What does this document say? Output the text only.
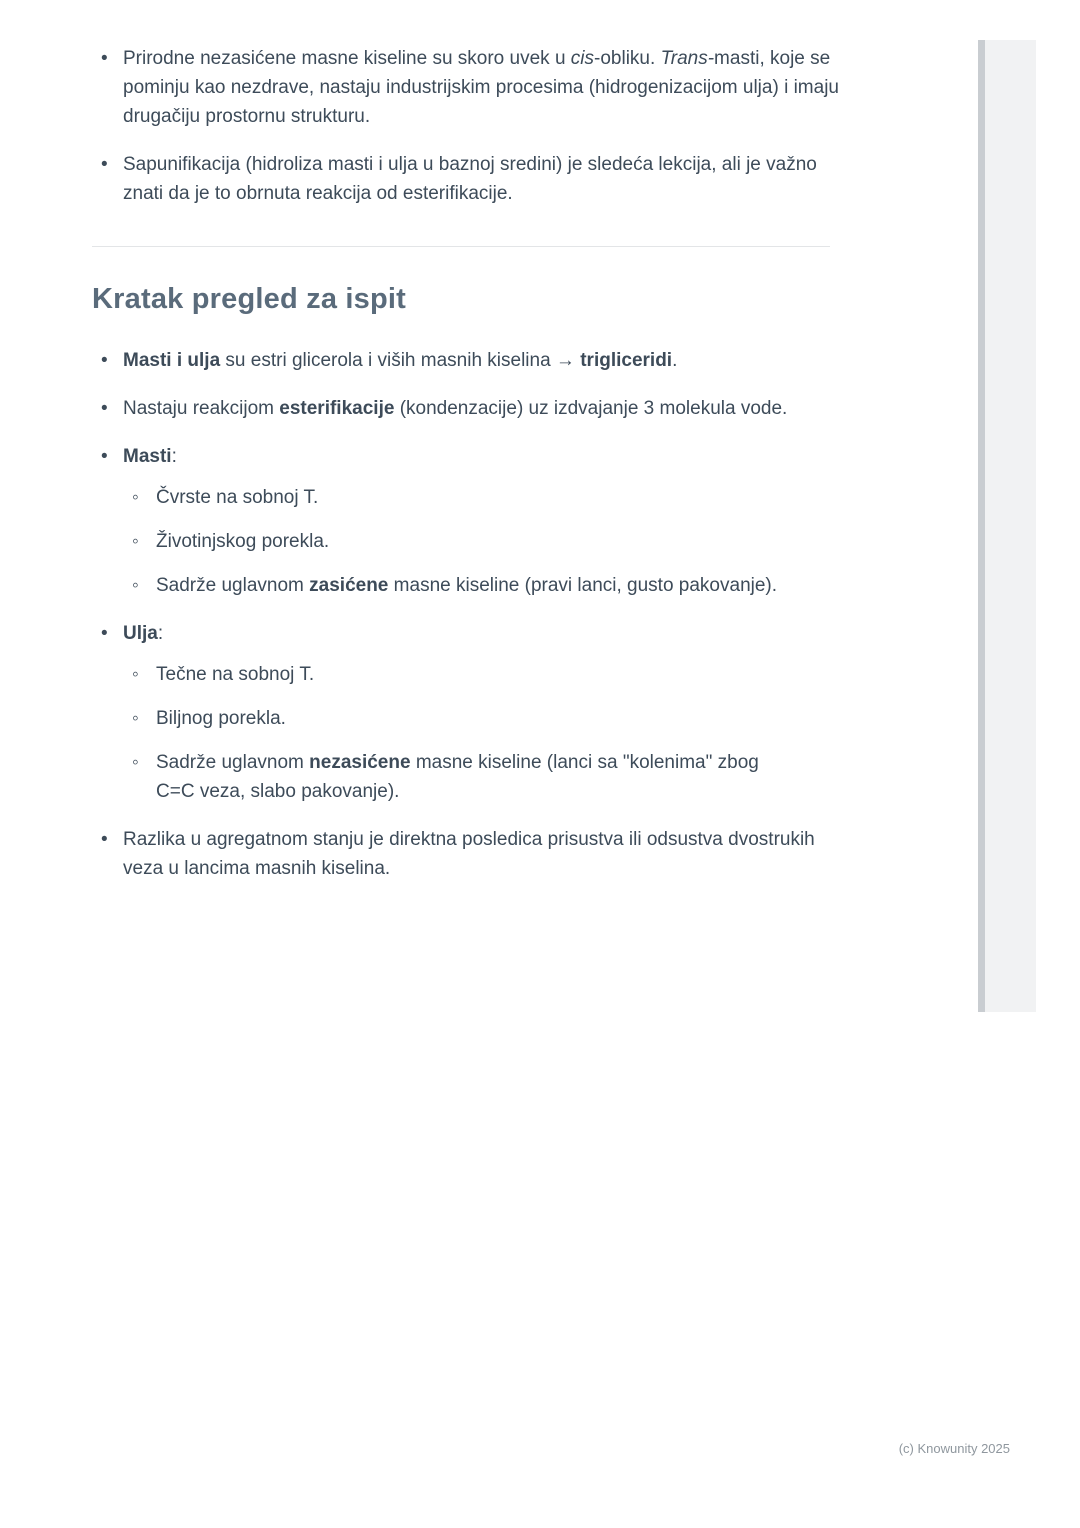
• Prirodne nezasićene masne kiseline su skoro uvek u cis-obliku. Trans-masti, koje se pominju kao nezdrave, nastaju industrijskim procesima (hidrogenizacijom ulja) i imaju drugačiju prostornu strukturu.
• Sapunifikacija (hidroliza masti i ulja u baznoj sredini) je sledeća lekcija, ali je važno znati da je to obrnuta reakcija od esterifikacije.
Kratak pregled za ispit
• Masti i ulja su estri glicerola i viših masnih kiselina → trigliceridi.
• Nastaju reakcijom esterifikacije (kondenzacije) uz izdvajanje 3 molekula vode.
• Masti:
◦ Čvrste na sobnoj T.
◦ Životinjskog porekla.
◦ Sadrže uglavnom zasićene masne kiseline (pravi lanci, gusto pakovanje).
• Ulja:
◦ Tečne na sobnoj T.
◦ Biljnog porekla.
◦ Sadrže uglavnom nezasićene masne kiseline (lanci sa "kolenima" zbog C=C veza, slabo pakovanje).
• Razlika u agregatnom stanju je direktna posledica prisustva ili odsustva dvostrukih veza u lancima masnih kiselina.
(c) Knowunity 2025
